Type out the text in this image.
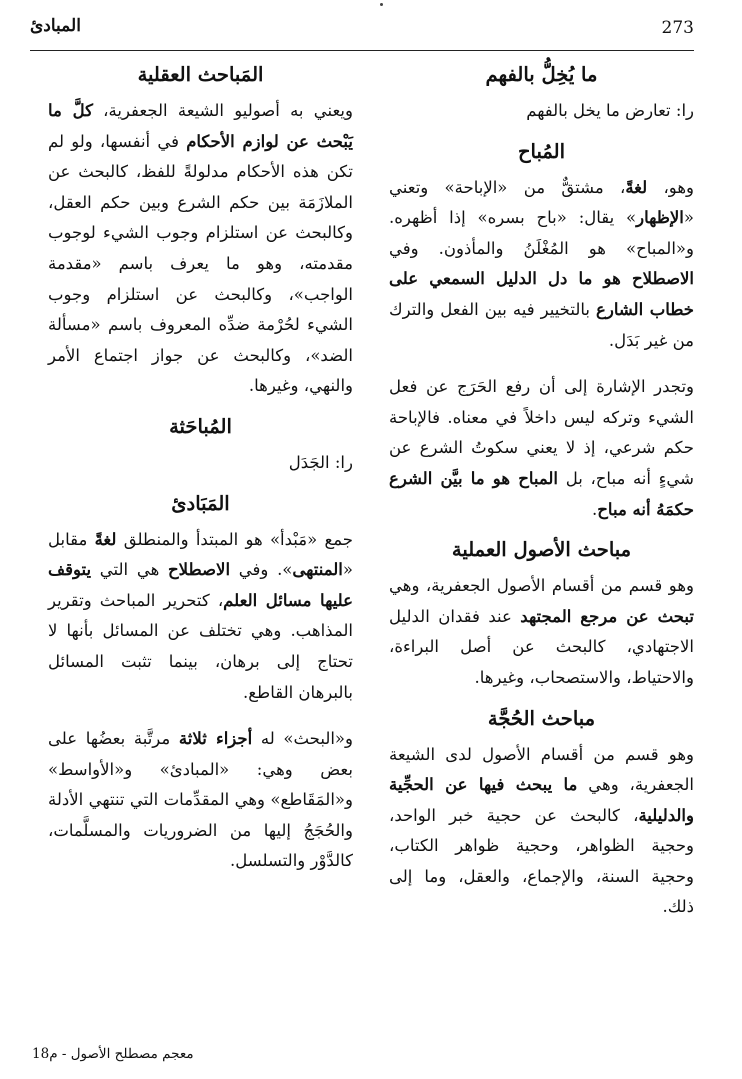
273
المبادئ
ما يُخِلُّ بالفهم

را: تعارض ما يخل بالفهم

المُباح

وهو، لغةً، مشتقٌّ من «الإباحة» وتعني «الإظهار» يقال: «باح بسره» إذا أظهره. و«المباح» هو المُغْلَنُ والمأذون. وفي الاصطلاح هو ما دل الدليل السمعي على خطاب الشارع بالتخيير فيه بين الفعل والترك من غير بَدَل.

وتجدر الإشارة إلى أن رفع الحَرَج عن فعل الشيء وتركه ليس داخلاً في معناه. فالإباحة حكم شرعي، إذ لا يعني سكوتُ الشرع عن شيءٍ أنه مباح، بل المباح هو ما بيَّن الشرع حكمَهُ أنه مباح.

مباحث الأصول العملية

وهو قسم من أقسام الأصول الجعفرية، وهي تبحث عن مرجع المجتهد عند فقدان الدليل الاجتهادي، كالبحث عن أصل البراءة، والاحتياط، والاستصحاب، وغيرها.

مباحث الحُجَّة

وهو قسم من أقسام الأصول لدى الشيعة الجعفرية، وهي ما يبحث فيها عن الحجِّية والدليلية، كالبحث عن حجية خبر الواحد، وحجية الظواهر، وحجية ظواهر الكتاب، وحجية السنة، والإجماع، والعقل، وما إلى ذلك.

المَباحث العقلية

ويعني به أصوليو الشيعة الجعفرية، كلَّ ما يَبْحث عن لوازم الأحكام في أنفسها، ولو لم تكن هذه الأحكام مدلولةً للفظ، كالبحث عن الملازَمَة بين حكم الشرع وبين حكم العقل، وكالبحث عن استلزام وجوب الشيء لوجوب مقدمته، وهو ما يعرف باسم «مقدمة الواجب»، وكالبحث عن استلزام وجوب الشيء لحُرْمة ضدِّه المعروف باسم «مسألة الضد»، وكالبحث عن جواز اجتماع الأمر والنهي، وغيرها.

المُباحَثة

را: الجَدَل

المَبَادئ

جمع «مَبْدأ» هو المبتدأ والمنطلق لغةً مقابل «المنتهى». وفي الاصطلاح هي التي يتوقف عليها مسائل العلم، كتحرير المباحث وتقرير المذاهب. وهي تختلف عن المسائل بأنها لا تحتاج إلى برهان، بينما تثبت المسائل بالبرهان القاطع.

و«البحث» له أجزاء ثلاثة مرتَّبة بعضُها على بعض وهي: «المبادئ» و«الأواسط» و«المَقَاطع» وهي المقدِّمات التي تنتهي الأدلة والحُجَجُ إليها من الضروريات والمسلَّمات، كالدَّوْر والتسلسل.

معجم مصطلح الأصول - م18
